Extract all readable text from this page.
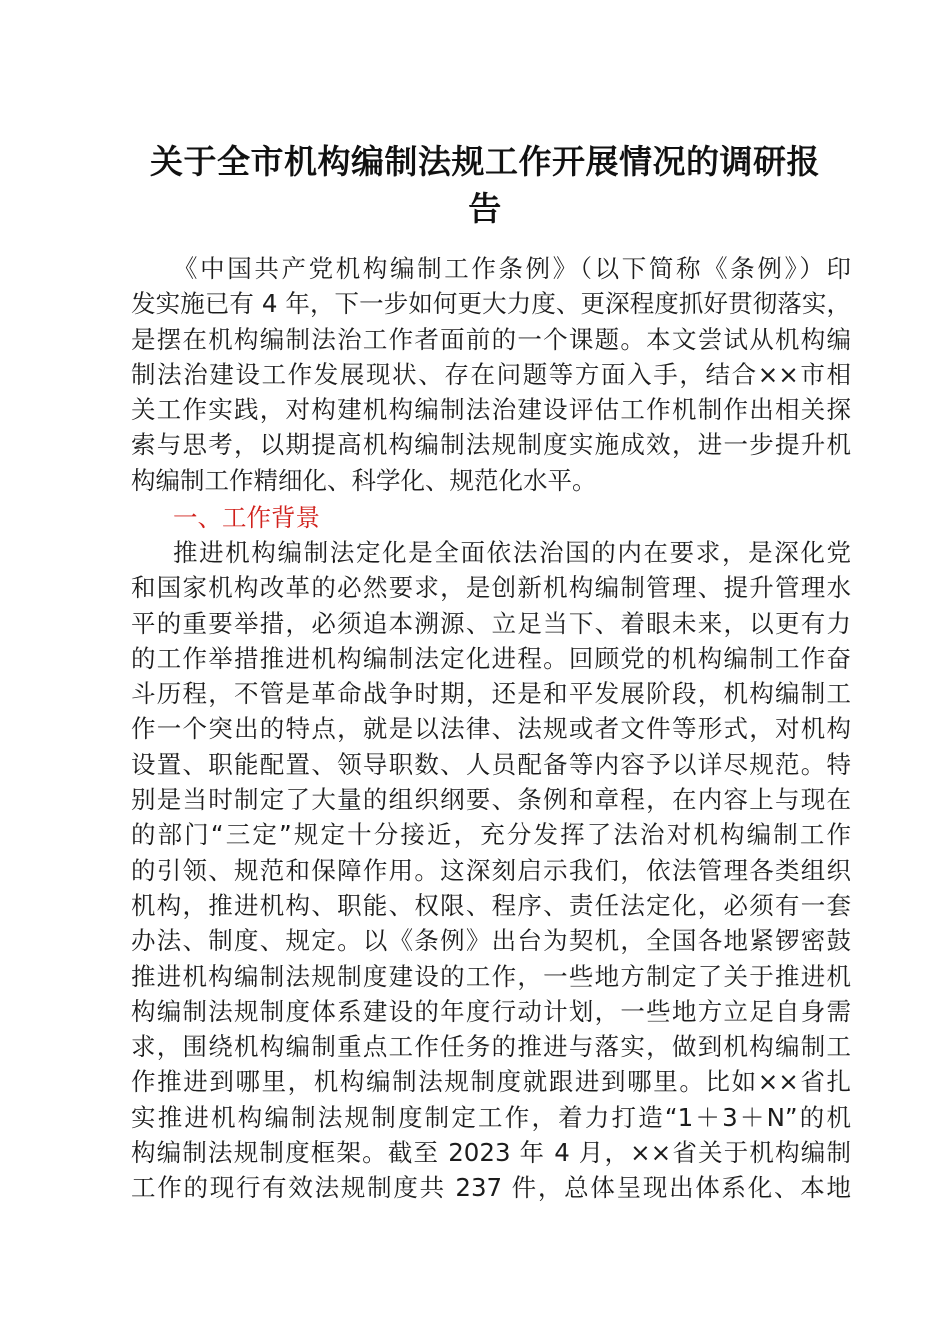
关于全市机构编制法规工作开展情况的调研报
告
《中国共产党机构编制工作条例》（以下简称《条例》）印
发实施已有 4 年，下一步如何更大力度、更深程度抓好贯彻落实，
是摆在机构编制法治工作者面前的一个课题。本文尝试从机构编
制法治建设工作发展现状、存在问题等方面入手，结合××市相
关工作实践，对构建机构编制法治建设评估工作机制作出相关探
索与思考，以期提高机构编制法规制度实施成效，进一步提升机
构编制工作精细化、科学化、规范化水平。
一、工作背景
推进机构编制法定化是全面依法治国的内在要求，是深化党
和国家机构改革的必然要求，是创新机构编制管理、提升管理水
平的重要举措，必须追本溯源、立足当下、着眼未来，以更有力
的工作举措推进机构编制法定化进程。回顾党的机构编制工作奋
斗历程，不管是革命战争时期，还是和平发展阶段，机构编制工
作一个突出的特点，就是以法律、法规或者文件等形式，对机构
设置、职能配置、领导职数、人员配备等内容予以详尽规范。特
别是当时制定了大量的组织纲要、条例和章程，在内容上与现在
的部门“三定”规定十分接近，充分发挥了法治对机构编制工作
的引领、规范和保障作用。这深刻启示我们，依法管理各类组织
机构，推进机构、职能、权限、程序、责任法定化，必须有一套
办法、制度、规定。以《条例》出台为契机，全国各地紧锣密鼓
推进机构编制法规制度建设的工作，一些地方制定了关于推进机
构编制法规制度体系建设的年度行动计划，一些地方立足自身需
求，围绕机构编制重点工作任务的推进与落实，做到机构编制工
作推进到哪里，机构编制法规制度就跟进到哪里。比如××省扎
实推进机构编制法规制度制定工作，着力打造“1＋3＋N”的机
构编制法规制度框架。截至 2023 年 4 月，××省关于机构编制
工作的现行有效法规制度共 237 件，总体呈现出体系化、本地
